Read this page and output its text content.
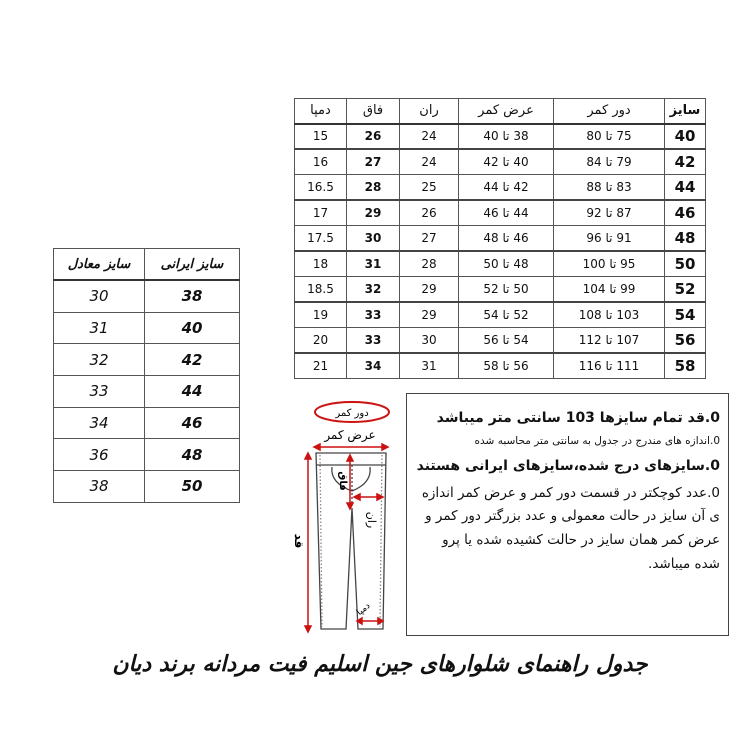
سایز	دور کمر	عرض کمر	ران	فاق	دمپا
40	75 تا 80	38 تا 40	24	26	15
42	79 تا 84	40 تا 42	24	27	16
44	83 تا 88	42 تا 44	25	28	16.5
46	87 تا 92	44 تا 46	26	29	17
48	91 تا 96	46 تا 48	27	30	17.5
50	95 تا 100	48 تا 50	28	31	18
52	99 تا 104	50 تا 52	29	32	18.5
54	103 تا 108	52 تا 54	29	33	19
56	107 تا 112	54 تا 56	30	33	20
58	111 تا 116	56 تا 58	31	34	21
سایز ایرانی	سایز معادل
38	30
40	31
42	32
44	33
46	34
48	36
50	38
دور کمر
عرض کمر
فاق
ران
قد
دمپا

0.قد تمام سایزها 103 سانتی متر میباشد

0.اندازه های مندرج در جدول به سانتی متر محاسبه شده

0.سایزهای درج شده،سایزهای ایرانی هستند

0.عدد کوچکتر در قسمت دور کمر و عرض کمر اندازه ی آن سایز در حالت معمولی و عدد بزرگتر دور کمر و عرض کمر همان سایز در حالت کشیده شده یا پرو شده میباشد.

جدول راهنمای شلوارهای جین اسلیم فیت مردانه برند دیان
